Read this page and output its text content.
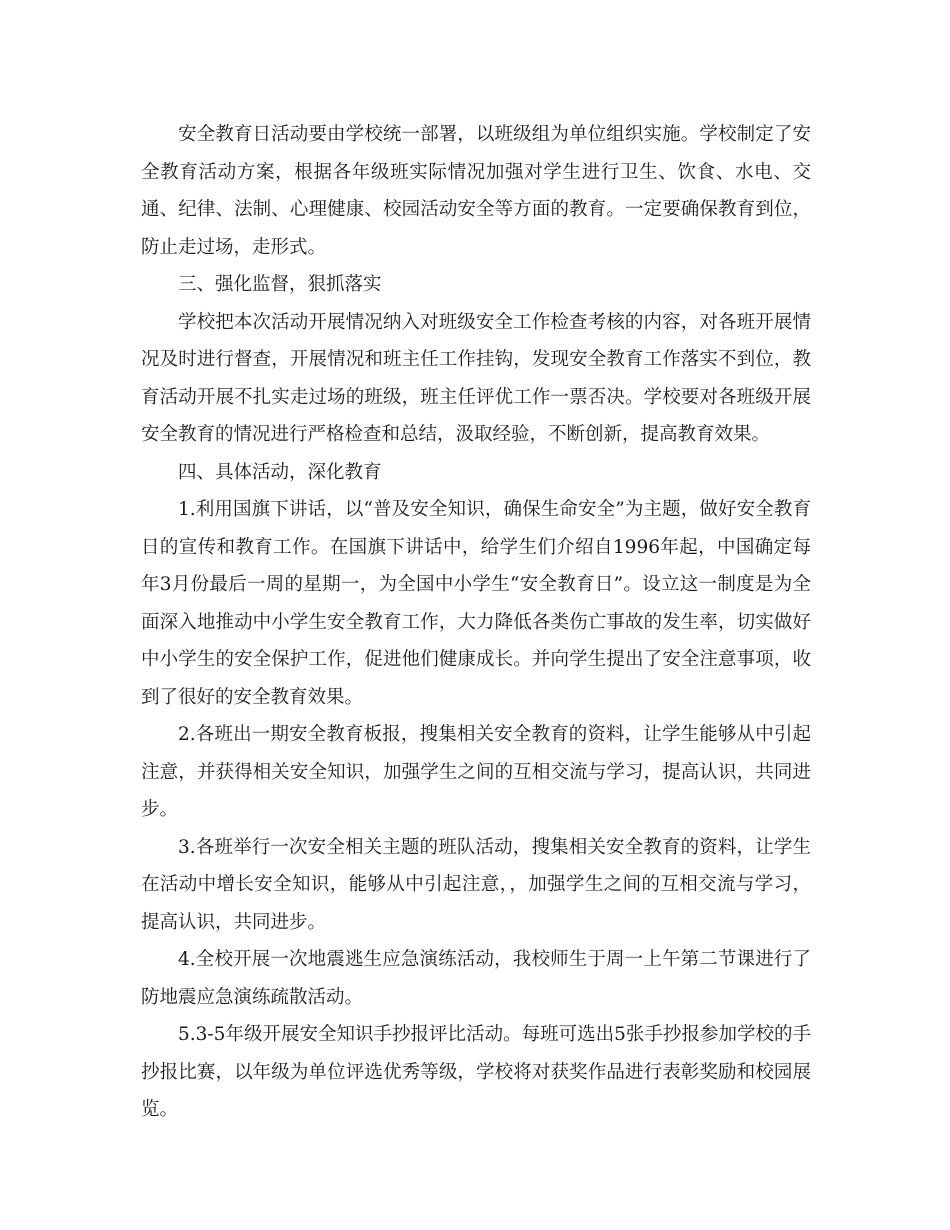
安全教育日活动要由学校统一部署，以班级组为单位组织实施。学校制定了安全教育活动方案，根据各年级班实际情况加强对学生进行卫生、饮食、水电、交通、纪律、法制、心理健康、校园活动安全等方面的教育。一定要确保教育到位，防止走过场，走形式。

三、强化监督，狠抓落实

学校把本次活动开展情况纳入对班级安全工作检查考核的内容，对各班开展情况及时进行督查，开展情况和班主任工作挂钩，发现安全教育工作落实不到位，教育活动开展不扎实走过场的班级，班主任评优工作一票否决。学校要对各班级开展安全教育的情况进行严格检查和总结，汲取经验，不断创新，提高教育效果。

四、具体活动，深化教育

1.利用国旗下讲话，以“普及安全知识，确保生命安全”为主题，做好安全教育日的宣传和教育工作。在国旗下讲话中，给学生们介绍自1996年起，中国确定每年3月份最后一周的星期一，为全国中小学生“安全教育日”。设立这一制度是为全面深入地推动中小学生安全教育工作，大力降低各类伤亡事故的发生率，切实做好中小学生的安全保护工作，促进他们健康成长。并向学生提出了安全注意事项，收到了很好的安全教育效果。

2.各班出一期安全教育板报，搜集相关安全教育的资料，让学生能够从中引起注意，并获得相关安全知识，加强学生之间的互相交流与学习，提高认识，共同进步。

3.各班举行一次安全相关主题的班队活动，搜集相关安全教育的资料，让学生在活动中增长安全知识，能够从中引起注意，，加强学生之间的互相交流与学习，提高认识，共同进步。

4.全校开展一次地震逃生应急演练活动，我校师生于周一上午第二节课进行了防地震应急演练疏散活动。

5.3-5年级开展安全知识手抄报评比活动。每班可选出5张手抄报参加学校的手抄报比赛，以年级为单位评选优秀等级，学校将对获奖作品进行表彰奖励和校园展览。
